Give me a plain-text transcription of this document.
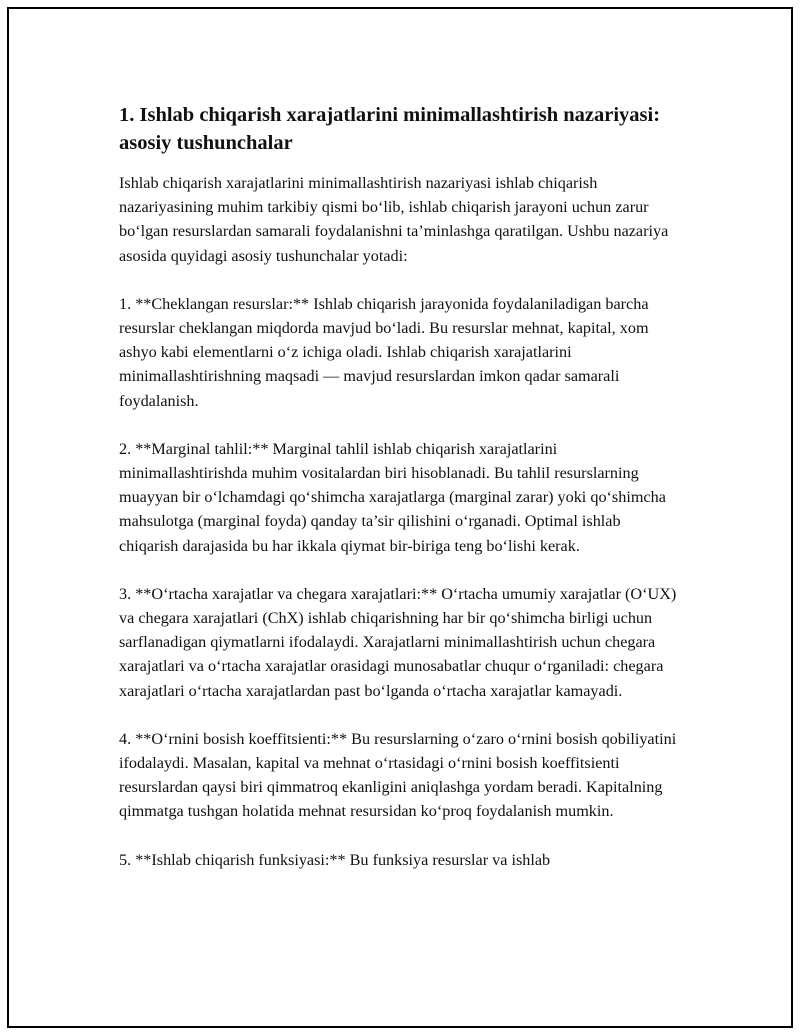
1. Ishlab chiqarish xarajatlarini minimallashtirish nazariyasi: asosiy tushunchalar

Ishlab chiqarish xarajatlarini minimallashtirish nazariyasi ishlab chiqarish nazariyasining muhim tarkibiy qismi bo‘lib, ishlab chiqarish jarayoni uchun zarur bo‘lgan resurslardan samarali foydalanishni ta’minlashga qaratilgan. Ushbu nazariya asosida quyidagi asosiy tushunchalar yotadi:

1. **Cheklangan resurslar:** Ishlab chiqarish jarayonida foydalaniladigan barcha resurslar cheklangan miqdorda mavjud bo‘ladi. Bu resurslar mehnat, kapital, xom ashyo kabi elementlarni o‘z ichiga oladi. Ishlab chiqarish xarajatlarini minimallashtirishning maqsadi — mavjud resurslardan imkon qadar samarali foydalanish.

2. **Marginal tahlil:** Marginal tahlil ishlab chiqarish xarajatlarini minimallashtirishda muhim vositalardan biri hisoblanadi. Bu tahlil resurslarning muayyan bir o‘lchamdagi qo‘shimcha xarajatlarga (marginal zarar) yoki qo‘shimcha mahsulotga (marginal foyda) qanday ta’sir qilishini o‘rganadi. Optimal ishlab chiqarish darajasida bu har ikkala qiymat bir-biriga teng bo‘lishi kerak.

3. **O‘rtacha xarajatlar va chegara xarajatlari:** O‘rtacha umumiy xarajatlar (O‘UX) va chegara xarajatlari (ChX) ishlab chiqarishning har bir qo‘shimcha birligi uchun sarflanadigan qiymatlarni ifodalaydi. Xarajatlarni minimallashtirish uchun chegara xarajatlari va o‘rtacha xarajatlar orasidagi munosabatlar chuqur o‘rganiladi: chegara xarajatlari o‘rtacha xarajatlardan past bo‘lganda o‘rtacha xarajatlar kamayadi.

4. **O‘rnini bosish koeffitsienti:** Bu resurslarning o‘zaro o‘rnini bosish qobiliyatini ifodalaydi. Masalan, kapital va mehnat o‘rtasidagi o‘rnini bosish koeffitsienti resurslardan qaysi biri qimmatroq ekanligini aniqlashga yordam beradi. Kapitalning qimmatga tushgan holatida mehnat resursidan ko‘proq foydalanish mumkin.

5. **Ishlab chiqarish funksiyasi:** Bu funksiya resurslar va ishlab
